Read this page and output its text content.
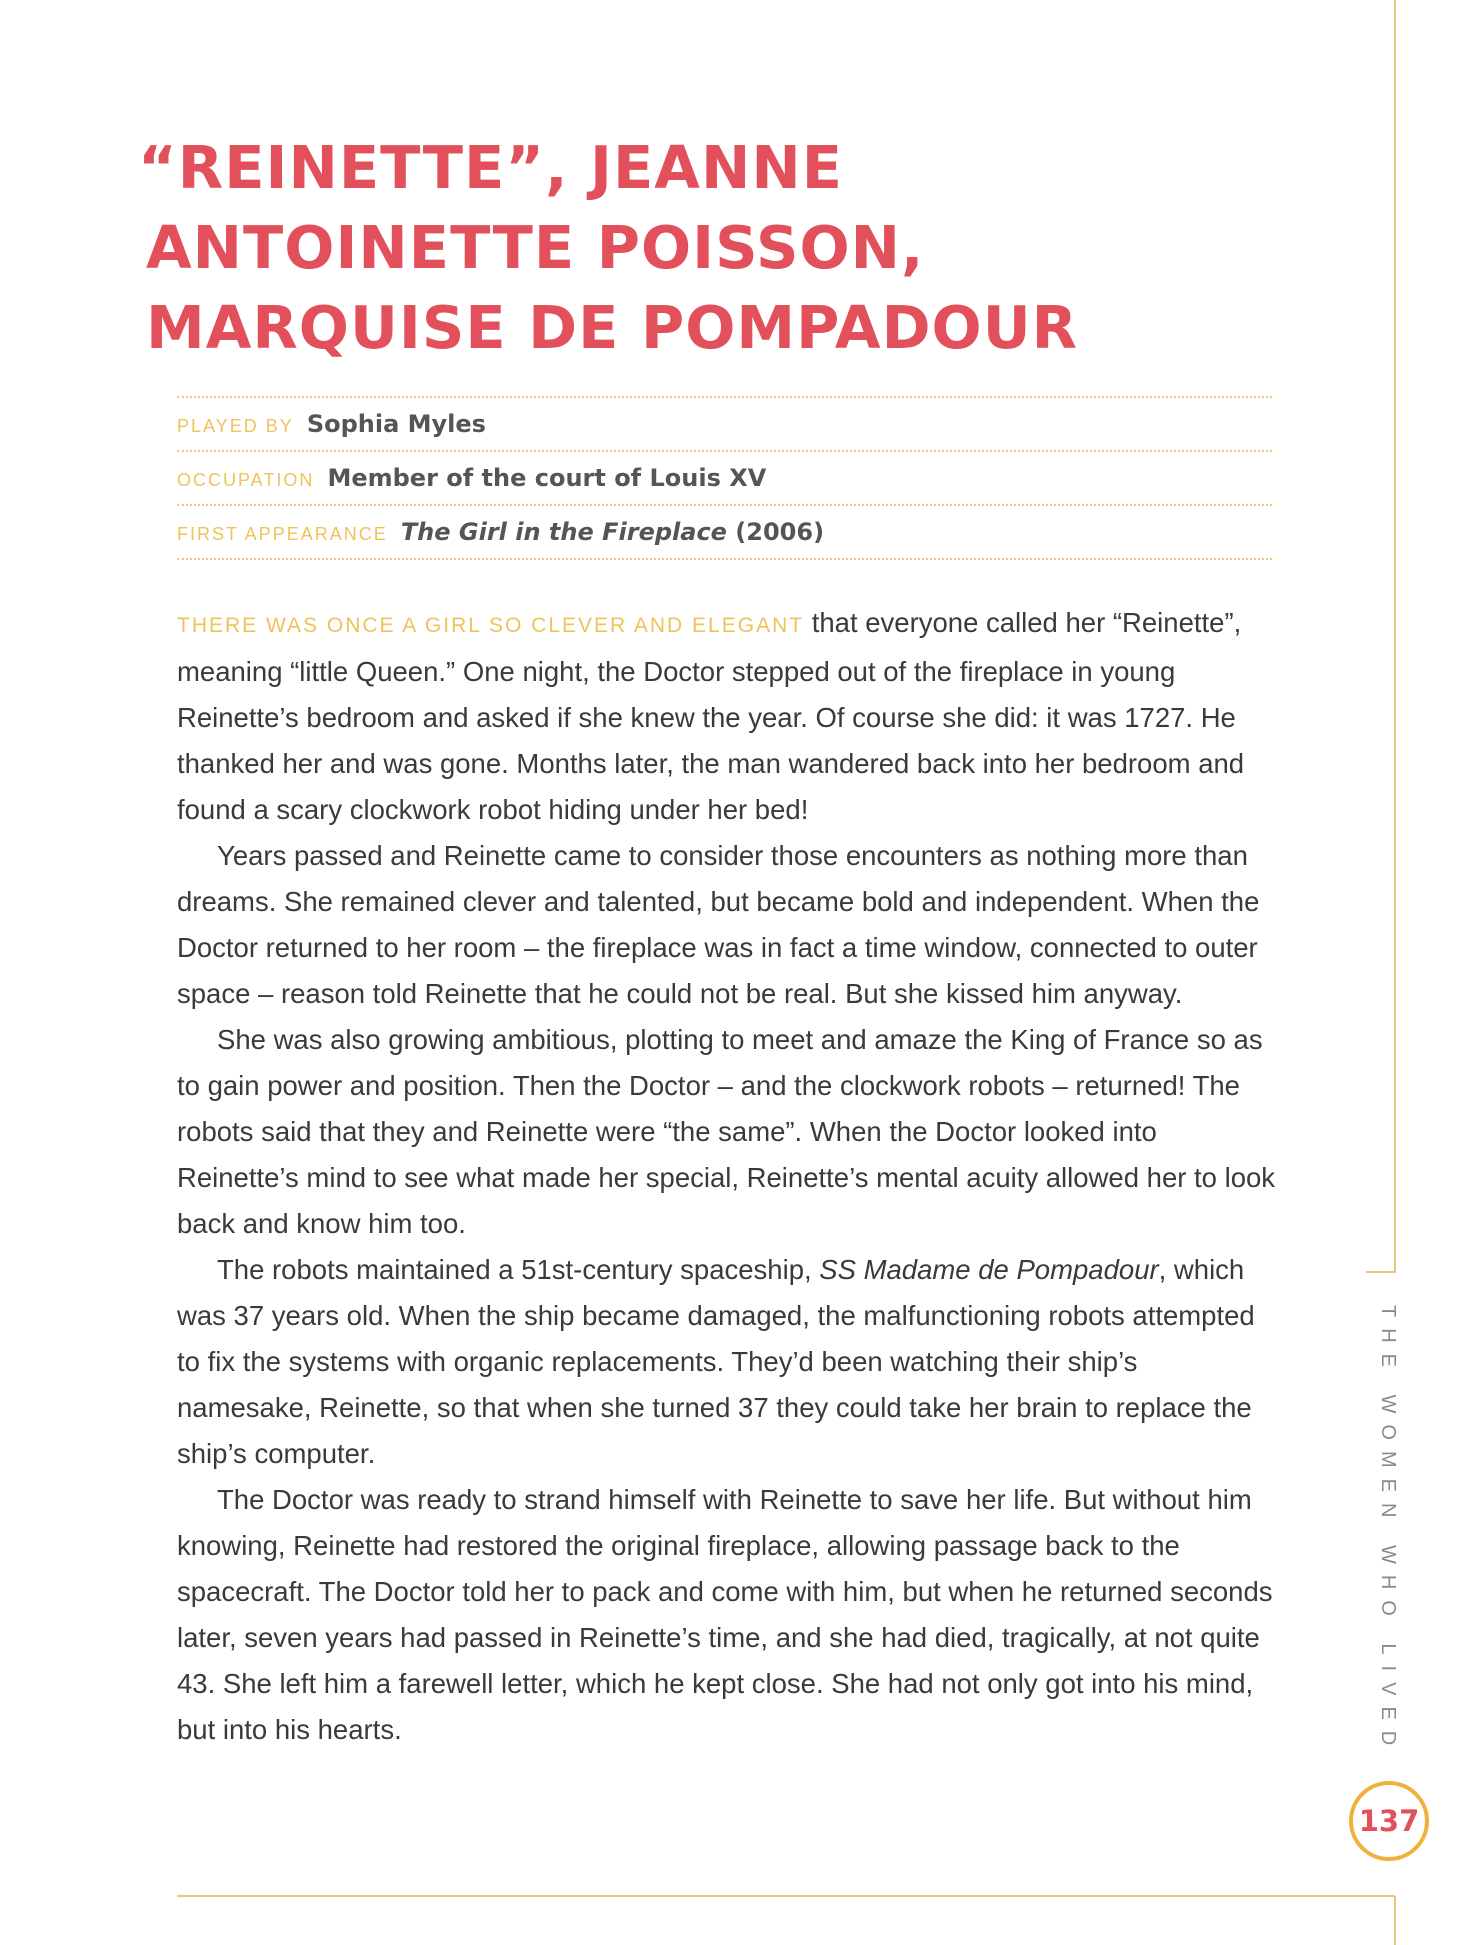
“REINETTE”, JEANNE
ANTOINETTE POISSON,
MARQUISE DE POMPADOUR
PLAYED BY Sophia Myles
OCCUPATION Member of the court of Louis XV
FIRST APPEARANCE The Girl in the Fireplace (2006)

THERE WAS ONCE A GIRL SO CLEVER AND ELEGANT that everyone called her “Reinette”, meaning “little Queen.” One night, the Doctor stepped out of the fireplace in young Reinette’s bedroom and asked if she knew the year. Of course she did: it was 1727. He thanked her and was gone. Months later, the man wandered back into her bedroom and found a scary clockwork robot hiding under her bed!

Years passed and Reinette came to consider those encounters as nothing more than dreams. She remained clever and talented, but became bold and independent. When the Doctor returned to her room – the fireplace was in fact a time window, connected to outer space – reason told Reinette that he could not be real. But she kissed him anyway.

She was also growing ambitious, plotting to meet and amaze the King of France so as to gain power and position. Then the Doctor – and the clockwork robots – returned! The robots said that they and Reinette were “the same”. When the Doctor looked into Reinette’s mind to see what made her special, Reinette’s mental acuity allowed her to look back and know him too.

The robots maintained a 51st-century spaceship, SS Madame de Pompadour, which was 37 years old. When the ship became damaged, the malfunctioning robots attempted to fix the systems with organic replacements. They’d been watching their ship’s namesake, Reinette, so that when she turned 37 they could take her brain to replace the ship’s computer.

The Doctor was ready to strand himself with Reinette to save her life. But without him knowing, Reinette had restored the original fireplace, allowing passage back to the spacecraft. The Doctor told her to pack and come with him, but when he returned seconds later, seven years had passed in Reinette’s time, and she had died, tragically, at not quite 43. She left him a farewell letter, which he kept close. She had not only got into his mind, but into his hearts.	THE WOMEN WHO LIVED
137
